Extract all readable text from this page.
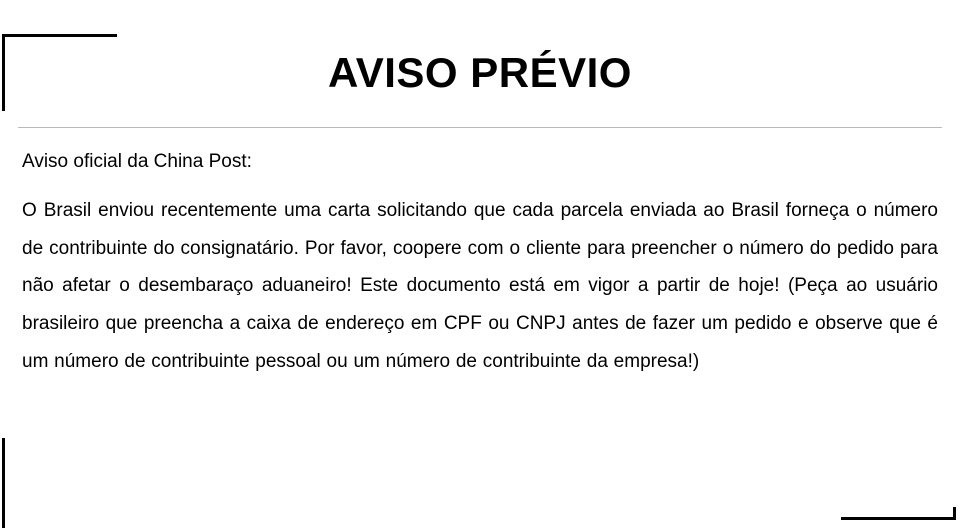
AVISO PRÉVIO

Aviso oficial da China Post:

O Brasil enviou recentemente uma carta solicitando que cada parcela enviada ao Brasil forneça o número de contribuinte do consignatário. Por favor, coopere com o cliente para preencher o número do pedido para não afetar o desembaraço aduaneiro! Este documento está em vigor a partir de hoje! (Peça ao usuário brasileiro que preencha a caixa de endereço em CPF ou CNPJ antes de fazer um pedido e observe que é um número de contribuinte pessoal ou um número de contribuinte da empresa!)
